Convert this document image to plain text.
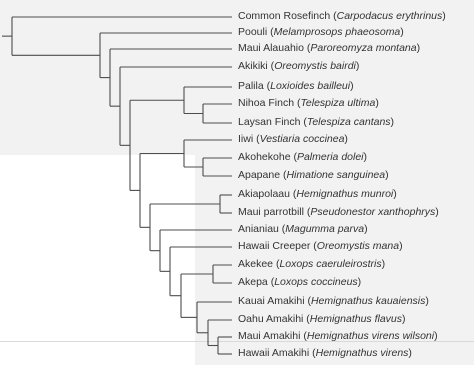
Common Rosefinch (Carpodacus erythrinus)
Poouli (Melamprosops phaeosoma)
Maui Alauahio (Paroreomyza montana)
Akikiki (Oreomystis bairdi)
Palila (Loxioides bailleui)
Nihoa Finch (Telespiza ultima)
Laysan Finch (Telespiza cantans)
Iiwi (Vestiaria coccinea)
Akohekohe (Palmeria dolei)
Apapane (Himatione sanguinea)
Akiapolaau (Hemignathus munroi)
Maui parrotbill (Pseudonestor xanthophrys)
Anianiau (Magumma parva)
Hawaii Creeper (Oreomystis mana)
Akekee (Loxops caeruleirostris)
Akepa (Loxops coccineus)
Kauai Amakihi (Hemignathus kauaiensis)
Oahu Amakihi (Hemignathus flavus)
Maui Amakihi (Hemignathus virens wilsoni)
Hawaii Amakihi (Hemignathus virens)
